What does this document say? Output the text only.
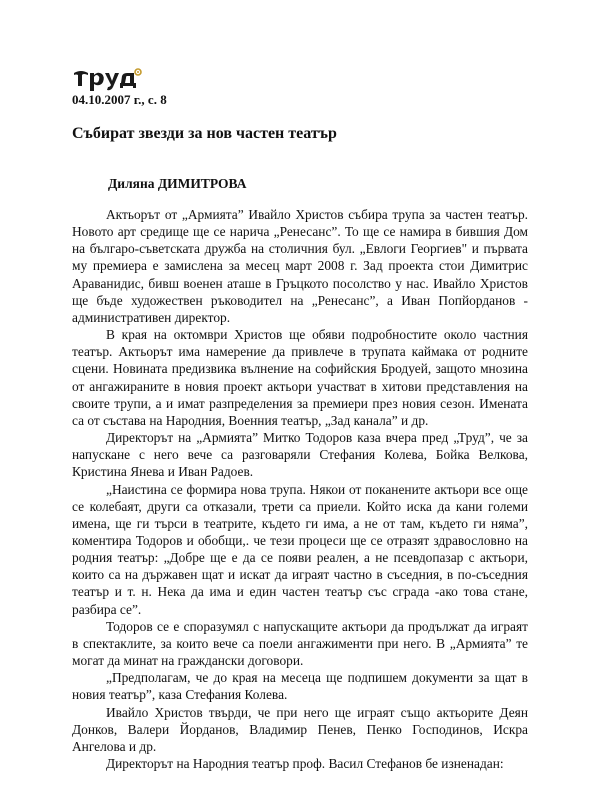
04.10.2007 г., с. 8

Събират звезди за нов частен театър

Диляна ДИМИТРОВА

Актьорът от „Армията” Ивайло Христов събира трупа за частен театър. Новото арт средище ще се нарича „Ренесанс”. То ще се намира в бившия Дом на българо-съветската дружба на столичния бул. „Евлоги Георгиев" и първата му премиера е замислена за месец март 2008 г. Зад проекта стои Димитрис Араванидис, бивш военен аташе в Гръцкото посолство у нас. Ивайло Христов ще бъде художествен ръководител на „Ренесанс”, а Иван Попйорданов - административен директор.

В края на октомври Христов ще обяви подробностите около частния театър. Актьорът има намерение да привлече в трупата каймака от родните сцени. Новината предизвика вълнение на софийския Бродуей, защото мнозина от ангажираните в новия проект актьори участват в хитови представления на своите трупи, а и имат разпределения за премиери през новия сезон. Имената са от състава на Народния, Военния театър, „Зад канала” и др.

Директорът на „Армията” Митко Тодоров каза вчера пред „Труд”, че за напускане с него вече са разговаряли Стефания Колева, Бойка Велкова, Кристина Янева и Иван Радоев.

„Наистина се формира нова трупа. Някои от поканените актьори все още се колебаят, други са отказали, трети са приели. Който иска да кани големи имена, ще ги търси в театрите, където ги има, а не от там, където ги няма”, коментира Тодоров и обобщи,. че тези процеси ще се отразят здравословно на родния театър: „Добре ще е да се появи реален, а не псевдопазар с актьори, които са на държавен щат и искат да играят частно в съседния, в по-съседния театър и т. н. Нека да има и един частен театър със сграда -ако това стане, разбира се”.

Тодоров се е споразумял с напускащите актьори да продължат да играят в спектаклите, за които вече са поели ангажименти при него. В „Армията” те могат да минат на граждански договори.

„Предполагам, че до края на месеца ще подпишем документи за щат в новия театър”, каза Стефания Колева.

Ивайло Христов твърди, че при него ще играят също актьорите Деян Донков, Валери Йорданов, Владимир Пенев, Пенко Господинов, Искра Ангелова и др.

Директорът на Народния театър проф. Васил Стефанов бе изненадан:
